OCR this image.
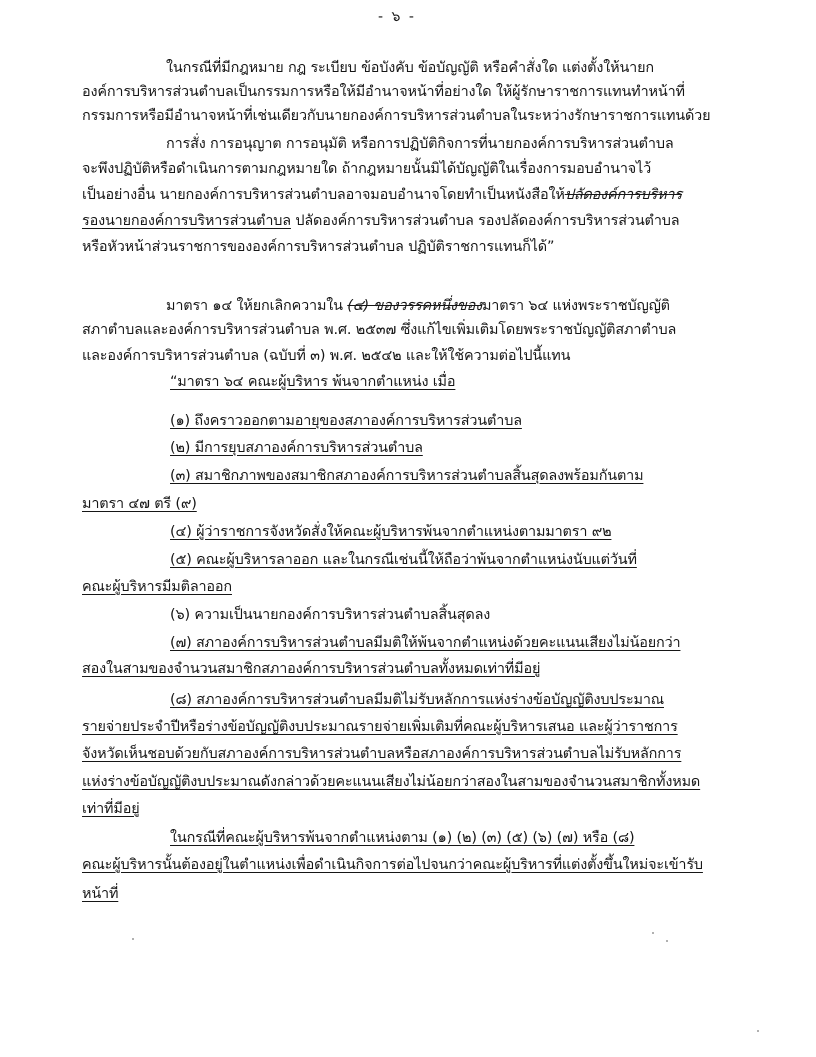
- ๖ -
ในกรณีที่มีกฎหมาย กฎ ระเบียบ ข้อบังคับ ข้อบัญญัติ หรือคำสั่งใด แต่งตั้งให้นายก
องค์การบริหารส่วนตำบลเป็นกรรมการหรือให้มีอำนาจหน้าที่อย่างใด ให้ผู้รักษาราชการแทนทำหน้าที่
กรรมการหรือมีอำนาจหน้าที่เช่นเดียวกับนายกองค์การบริหารส่วนตำบลในระหว่างรักษาราชการแทนด้วย
การสั่ง การอนุญาต การอนุมัติ หรือการปฏิบัติกิจการที่นายกองค์การบริหารส่วนตำบล
จะพึงปฏิบัติหรือดำเนินการตามกฎหมายใด ถ้ากฎหมายนั้นมิได้บัญญัติในเรื่องการมอบอำนาจไว้
เป็นอย่างอื่น นายกองค์การบริหารส่วนตำบลอาจมอบอำนาจโดยทำเป็นหนังสือให้ปลัดองค์การบริหาร
รองนายกองค์การบริหารส่วนตำบล ปลัดองค์การบริหารส่วนตำบล รองปลัดองค์การบริหารส่วนตำบล
หรือหัวหน้าส่วนราชการขององค์การบริหารส่วนตำบล ปฏิบัติราชการแทนก็ได้”
มาตรา ๑๔ ให้ยกเลิกความใน (๔) ของวรรคหนึ่งของมาตรา ๖๔ แห่งพระราชบัญญัติ
สภาตำบลและองค์การบริหารส่วนตำบล พ.ศ. ๒๕๓๗ ซึ่งแก้ไขเพิ่มเติมโดยพระราชบัญญัติสภาตำบล
และองค์การบริหารส่วนตำบล (ฉบับที่ ๓) พ.ศ. ๒๕๔๒ และให้ใช้ความต่อไปนี้แทน
“มาตรา ๖๔ คณะผู้บริหาร พ้นจากตำแหน่ง เมื่อ
(๑) ถึงคราวออกตามอายุของสภาองค์การบริหารส่วนตำบล
(๒) มีการยุบสภาองค์การบริหารส่วนตำบล
(๓) สมาชิกภาพของสมาชิกสภาองค์การบริหารส่วนตำบลสิ้นสุดลงพร้อมกันตาม
มาตรา ๔๗ ตรี (๙)
(๔) ผู้ว่าราชการจังหวัดสั่งให้คณะผู้บริหารพ้นจากตำแหน่งตามมาตรา ๙๒
(๕) คณะผู้บริหารลาออก และในกรณีเช่นนี้ให้ถือว่าพ้นจากตำแหน่งนับแต่วันที่
คณะผู้บริหารมีมติลาออก
(๖) ความเป็นนายกองค์การบริหารส่วนตำบลสิ้นสุดลง
(๗) สภาองค์การบริหารส่วนตำบลมีมติให้พ้นจากตำแหน่งด้วยคะแนนเสียงไม่น้อยกว่า
สองในสามของจำนวนสมาชิกสภาองค์การบริหารส่วนตำบลทั้งหมดเท่าที่มีอยู่
(๘) สภาองค์การบริหารส่วนตำบลมีมติไม่รับหลักการแห่งร่างข้อบัญญัติงบประมาณ
รายจ่ายประจำปีหรือร่างข้อบัญญัติงบประมาณรายจ่ายเพิ่มเติมที่คณะผู้บริหารเสนอ และผู้ว่าราชการ
จังหวัดเห็นชอบด้วยกับสภาองค์การบริหารส่วนตำบลหรือสภาองค์การบริหารส่วนตำบลไม่รับหลักการ
แห่งร่างข้อบัญญัติงบประมาณดังกล่าวด้วยคะแนนเสียงไม่น้อยกว่าสองในสามของจำนวนสมาชิกทั้งหมด
เท่าที่มีอยู่
ในกรณีที่คณะผู้บริหารพ้นจากตำแหน่งตาม (๑) (๒) (๓) (๕) (๖) (๗) หรือ (๘)
คณะผู้บริหารนั้นต้องอยู่ในตำแหน่งเพื่อดำเนินกิจการต่อไปจนกว่าคณะผู้บริหารที่แต่งตั้งขึ้นใหม่จะเข้ารับ
หน้าที่
